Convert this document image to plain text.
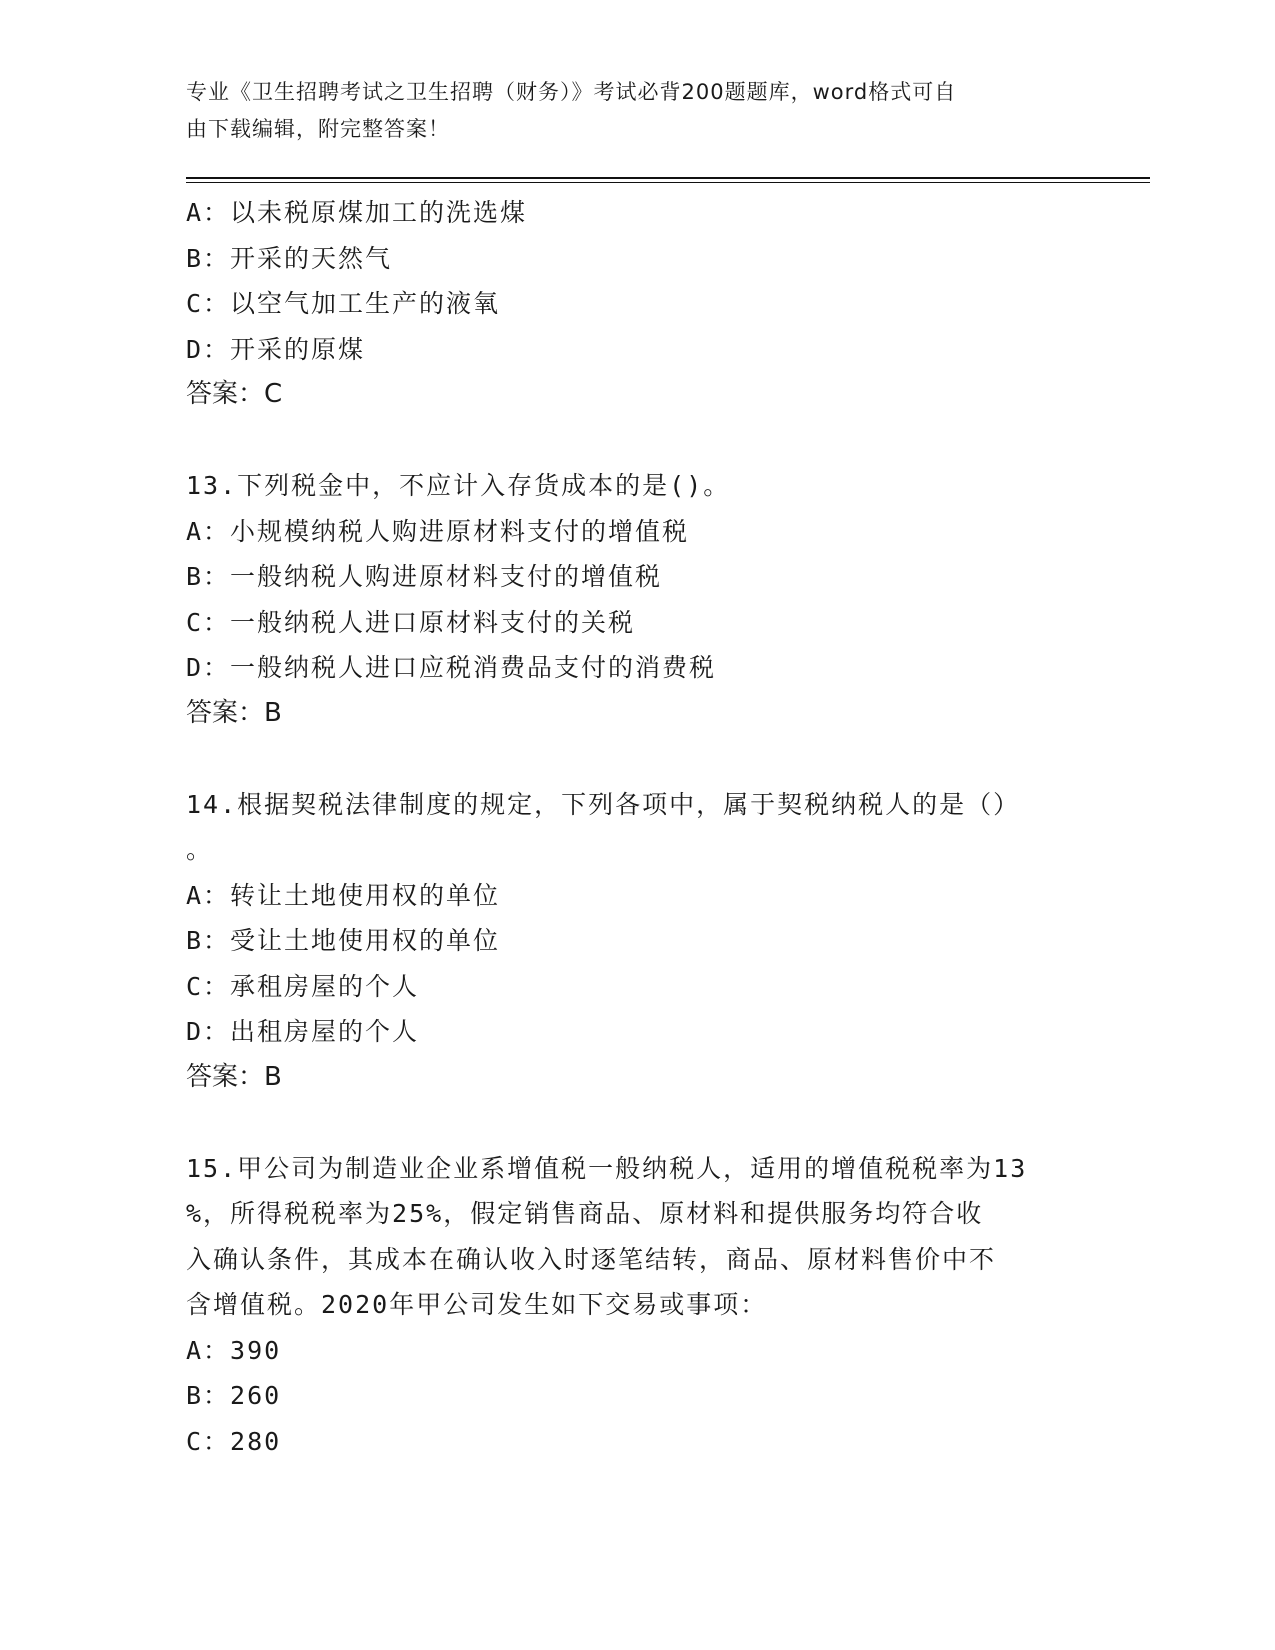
专业《卫生招聘考试之卫生招聘（财务）》考试必背200题题库，word格式可自
由下载编辑，附完整答案！
A：以未税原煤加工的洗选煤
B：开采的天然气
C：以空气加工生产的液氧
D：开采的原煤
答案：C
13.下列税金中，不应计入存货成本的是()。
A：小规模纳税人购进原材料支付的增值税
B：一般纳税人购进原材料支付的增值税
C：一般纳税人进口原材料支付的关税
D：一般纳税人进口应税消费品支付的消费税
答案：B
14.根据契税法律制度的规定，下列各项中，属于契税纳税人的是（）
。
A：转让土地使用权的单位
B：受让土地使用权的单位
C：承租房屋的个人
D：出租房屋的个人
答案：B
15.甲公司为制造业企业系增值税一般纳税人，适用的增值税税率为13
%，所得税税率为25%，假定销售商品、原材料和提供服务均符合收
入确认条件，其成本在确认收入时逐笔结转，商品、原材料售价中不
含增值税。2020年甲公司发生如下交易或事项：
A：390
B：260
C：280
